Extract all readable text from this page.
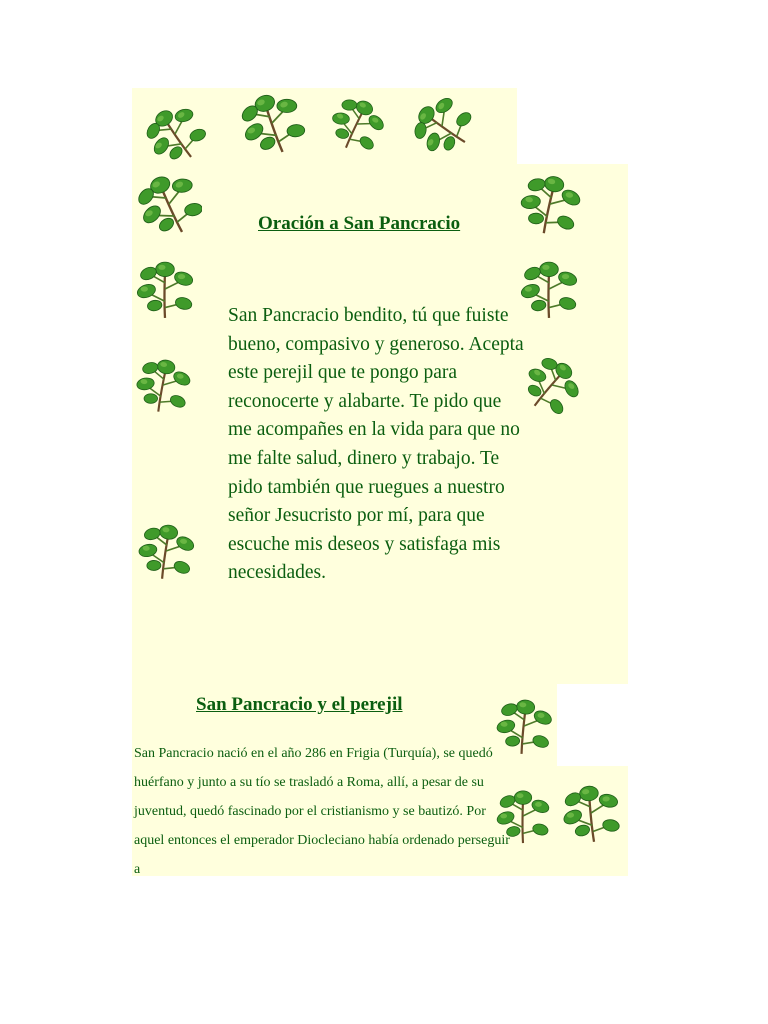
Oración a San Pancracio

San Pancracio bendito, tú que fuiste bueno, compasivo y generoso. Acepta este perejil que te pongo para reconocerte y alabarte. Te pido que me acompañes en la vida para que no me falte salud, dinero y trabajo. Te pido también que ruegues a nuestro señor Jesucristo por mí, para que escuche mis deseos y satisfaga mis necesidades.

San Pancracio y el perejil

San Pancracio nació en el año 286 en Frigia (Turquía), se quedó huérfano y junto a su tío se trasladó a Roma, allí, a pesar de su juventud, quedó fascinado por el cristianismo y se bautizó. Por aquel entonces el emperador Diocleciano había ordenado perseguir a
